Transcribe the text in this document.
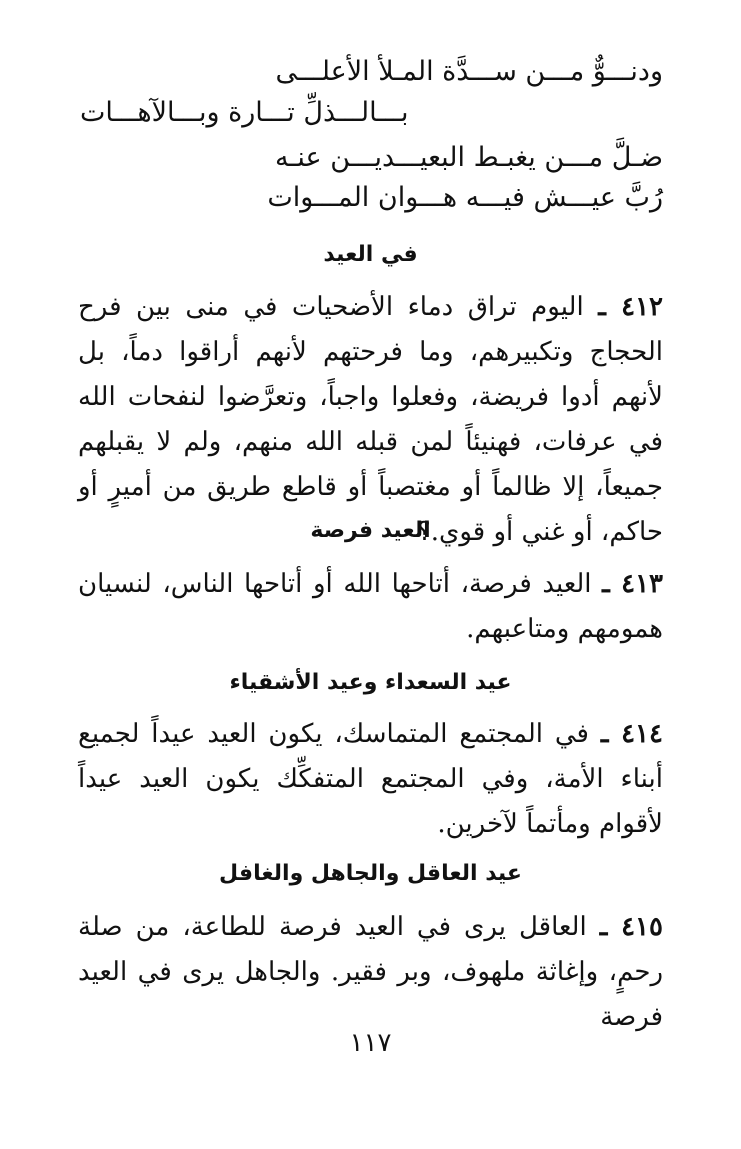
ودنـــوٌّ مـــن ســـدَّة المـلأ الأعلـــى
بـــالـــذلِّ تـــارة وبـــالآهـــات
ضـلَّ مـــن يغبـط البعيـــديـــن عنـه
رُبَّ عيـــش فيـــه هـــوان المـــوات
في العيد
٤١٢ ـ اليوم تراق دماء الأضحيات في منى بين فرح الحجاج وتكبيرهم، وما فرحتهم لأنهم أراقوا دماً، بل لأنهم أدوا فريضة، وفعلوا واجباً، وتعرَّضوا لنفحات الله في عرفات، فهنيئاً لمن قبله الله منهم، ولم لا يقبلهم جميعاً، إلا ظالماً أو مغتصباً أو قاطع طريق من أميرٍ أو حاكم، أو غني أو قوي.؟
العيد فرصة
٤١٣ ـ العيد فرصة، أتاحها الله أو أتاحها الناس، لنسيان همومهم ومتاعبهم.
عيد السعداء وعيد الأشقياء
٤١٤ ـ في المجتمع المتماسك، يكون العيد عيداً لجميع أبناء الأمة، وفي المجتمع المتفكِّك يكون العيد عيداً لأقوام ومأتماً لآخرين.
عيد العاقل والجاهل والغافل
٤١٥ ـ العاقل يرى في العيد فرصة للطاعة، من صلة رحمٍ، وإغاثة ملهوف، وبر فقير. والجاهل يرى في العيد فرصة
١١٧
